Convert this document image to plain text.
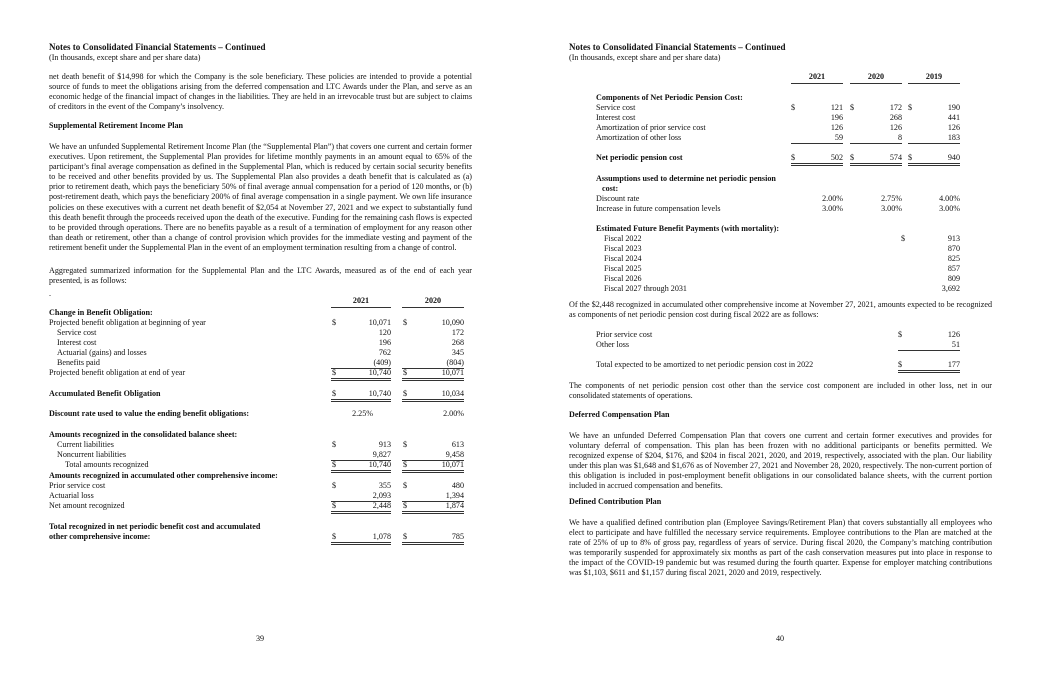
Notes to Consolidated Financial Statements – Continued
(In thousands, except share and per share data)
net death benefit of $14,998 for which the Company is the sole beneficiary. These policies are intended to provide a potential source of funds to meet the obligations arising from the deferred compensation and LTC Awards under the Plan, and serve as an economic hedge of the financial impact of changes in the liabilities. They are held in an irrevocable trust but are subject to claims of creditors in the event of the Company’s insolvency.
Supplemental Retirement Income Plan
We have an unfunded Supplemental Retirement Income Plan (the “Supplemental Plan”) that covers one current and certain former executives. Upon retirement, the Supplemental Plan provides for lifetime monthly payments in an amount equal to 65% of the participant’s final average compensation as defined in the Supplemental Plan, which is reduced by certain social security benefits to be received and other benefits provided by us. The Supplemental Plan also provides a death benefit that is calculated as (a) prior to retirement death, which pays the beneficiary 50% of final average annual compensation for a period of 120 months, or (b) post-retirement death, which pays the beneficiary 200% of final average compensation in a single payment. We own life insurance policies on these executives with a current net death benefit of $2,054 at November 27, 2021 and we expect to substantially fund this death benefit through the proceeds received upon the death of the executive. Funding for the remaining cash flows is expected to be provided through operations. There are no benefits payable as a result of a termination of employment for any reason other than death or retirement, other than a change of control provision which provides for the immediate vesting and payment of the retirement benefit under the Supplemental Plan in the event of an employment termination resulting from a change of control.
Aggregated summarized information for the Supplemental Plan and the LTC Awards, measured as of the end of each year presented, is as follows:
.
2021	2020
Change in Benefit Obligation:
Projected benefit obligation at beginning of year	$	10,071 $	10,090
Service cost	120	172
Interest cost	196	268
Actuarial (gains) and losses	762	345
Benefits paid	(409)	(804)
Projected benefit obligation at end of year	$	10,740 $	10,071
Accumulated Benefit Obligation	$	10,740 $	10,034
Discount rate used to value the ending benefit obligations:	2.25%	2.00%
Amounts recognized in the consolidated balance sheet:
Current liabilities	$	913 $	613
Noncurrent liabilities	9,827	9,458
Total amounts recognized	$	10,740 $	10,071
Amounts recognized in accumulated other comprehensive income:
Prior service cost	$	355 $	480
Actuarial loss	2,093	1,394
Net amount recognized	$	2,448 $	1,874
Total recognized in net periodic benefit cost and accumulated
other comprehensive income:	$	1,078 $	785
39
Notes to Consolidated Financial Statements – Continued
(In thousands, except share and per share data)
2021	2020	2019
Components of Net Periodic Pension Cost:
Service cost	$	121 $	172 $	190
Interest cost	196	268	441
Amortization of prior service cost	126	126	126
Amortization of other loss	59	8	183
Net periodic pension cost	$	502 $	574 $	940
Assumptions used to determine net periodic pension
cost:
Discount rate	2.00%	2.75%	4.00%
Increase in future compensation levels	3.00%	3.00%	3.00%
Estimated Future Benefit Payments (with mortality):
Fiscal 2022	$	913
Fiscal 2023	870
Fiscal 2024	825
Fiscal 2025	857
Fiscal 2026	809
Fiscal 2027 through 2031	3,692
Of the $2,448 recognized in accumulated other comprehensive income at November 27, 2021, amounts expected to be recognized as components of net periodic pension cost during fiscal 2022 are as follows:
Prior service cost	$	126
Other loss	51
Total expected to be amortized to net periodic pension cost in 2022	$	177
The components of net periodic pension cost other than the service cost component are included in other loss, net in our consolidated statements of operations.
Deferred Compensation Plan
We have an unfunded Deferred Compensation Plan that covers one current and certain former executives and provides for voluntary deferral of compensation. This plan has been frozen with no additional participants or benefits permitted. We recognized expense of $204, $176, and $204 in fiscal 2021, 2020, and 2019, respectively, associated with the plan. Our liability under this plan was $1,648 and $1,676 as of November 27, 2021 and November 28, 2020, respectively. The non-current portion of this obligation is included in post-employment benefit obligations in our consolidated balance sheets, with the current portion included in accrued compensation and benefits.
Defined Contribution Plan
We have a qualified defined contribution plan (Employee Savings/Retirement Plan) that covers substantially all employees who elect to participate and have fulfilled the necessary service requirements. Employee contributions to the Plan are matched at the rate of 25% of up to 8% of gross pay, regardless of years of service. During fiscal 2020, the Company’s matching contribution was temporarily suspended for approximately six months as part of the cash conservation measures put into place in response to the impact of the COVID-19 pandemic but was resumed during the fourth quarter. Expense for employer matching contributions was $1,103, $611 and $1,157 during fiscal 2021, 2020 and 2019, respectively.
40
